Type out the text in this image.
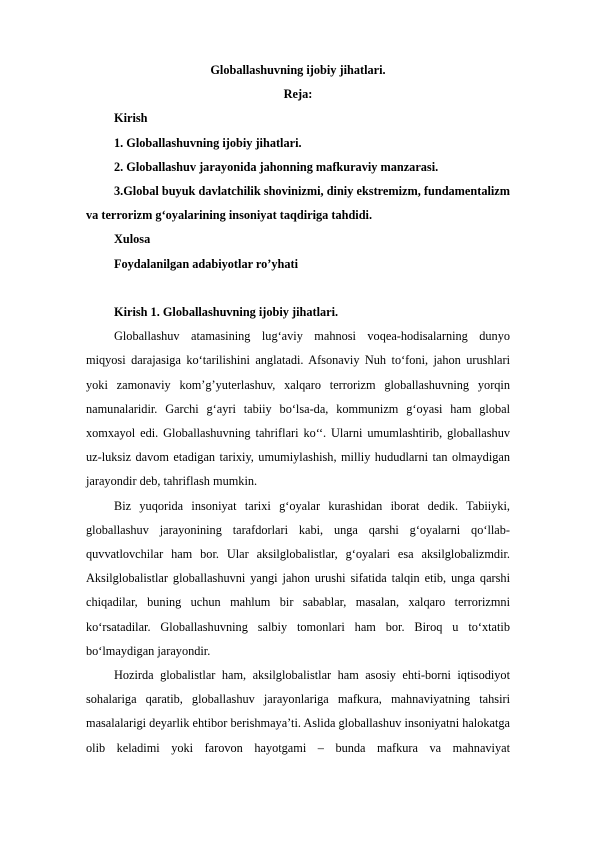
Globallashuvning ijobiy jihatlari.

Reja:

Kirish

1. Globallashuvning ijobiy jihatlari.

2. Globallashuv jarayonida jahonning mafkuraviy manzarasi.

3.Global buyuk davlatchilik shovinizmi, diniy ekstremizm, fundamentalizm va terrorizm g‘oyalarining insoniyat taqdiriga tahdidi.

Xulosa

Foydalanilgan adabiyotlar ro’yhati

Kirish 1. Globallashuvning ijobiy jihatlari.

Globallashuv atamasining lug‘aviy mahnosi voqea-hodisalarning dunyo miqyosi darajasiga ko‘tarilishini anglatadi. Afsonaviy Nuh to‘foni, jahon urushlari yoki zamonaviy kom’g’yuterlashuv, xalqaro terrorizm globallashuvning yorqin namunalaridir. Garchi g‘ayri tabiiy bo‘lsa-da, kommunizm g‘oyasi ham global xomxayol edi. Globallashuvning tahriflari ko‘‘. Ularni umumlashtirib, globallashuv uz-luksiz davom etadigan tarixiy, umumiylashish, milliy hududlarni tan olmaydigan jarayondir deb, tahriflash mumkin.

Biz yuqorida insoniyat tarixi g‘oyalar kurashidan iborat dedik. Tabiiyki, globallashuv jarayonining tarafdorlari kabi, unga qarshi g‘oyalarni qo‘llab-quvvatlovchilar ham bor. Ular aksilglobalistlar, g‘oyalari esa aksilglobalizmdir. Aksilglobalistlar globallashuvni yangi jahon urushi sifatida talqin etib, unga qarshi chiqadilar, buning uchun mahlum bir sabablar, masalan, xalqaro terrorizmni ko‘rsatadilar. Globallashuvning salbiy tomonlari ham bor. Biroq u to‘xtatib bo‘lmaydigan jarayondir.

Hozirda globalistlar ham, aksilglobalistlar ham asosiy ehti-borni iqtisodiyot sohalariga qaratib, globallashuv jarayonlariga mafkura, mahnaviyatning tahsiri masalalarigi deyarlik ehtibor berishmaya’ti. Aslida globallashuv insoniyatni halokatga olib keladimi yoki farovon hayotgami – bunda mafkura va mahnaviyat
